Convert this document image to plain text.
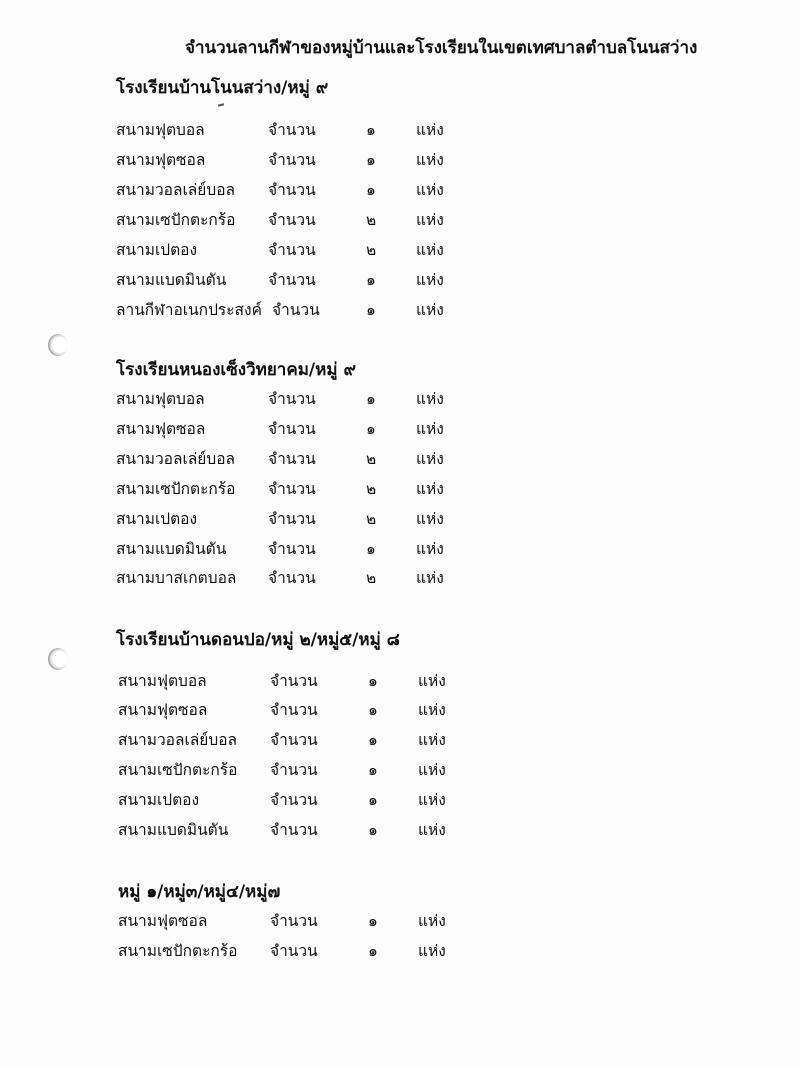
จำนวนลานกีฬาของหมู่บ้านและโรงเรียนในเขตเทศบาลตำบลโนนสว่าง
โรงเรียนบ้านโนนสว่าง/หมู่ ๙
สนามฟุตบอล	จำนวน	๑	แห่ง
สนามฟุตซอล	จำนวน	๑	แห่ง
สนามวอลเล่ย์บอล จำนวน	๑	แห่ง
สนามเซปักตะกร้อ จำนวน	๒	แห่ง
สนามเปตอง	จำนวน	๒	แห่ง
สนามแบดมินตัน	จำนวน	๑	แห่ง
ลานกีฬาอเนกประสงค์ จำนวน	๑	แห่ง
โรงเรียนหนองเซ็งวิทยาคม/หมู่ ๙
สนามฟุตบอล	จำนวน	๑	แห่ง
สนามฟุตซอล	จำนวน	๑	แห่ง
สนามวอลเล่ย์บอล จำนวน	๒	แห่ง
สนามเซปักตะกร้อ จำนวน	๒	แห่ง
สนามเปตอง	จำนวน	๒	แห่ง
สนามแบดมินตัน	จำนวน	๑	แห่ง
สนามบาสเกตบอล จำนวน	๒	แห่ง
โรงเรียนบ้านดอนปอ/หมู่ ๒/หมู่๕/หมู่ ๘
สนามฟุตบอล	จำนวน	๑	แห่ง
สนามฟุตซอล	จำนวน	๑	แห่ง
สนามวอลเล่ย์บอล จำนวน	๑	แห่ง
สนามเซปักตะกร้อ จำนวน	๑	แห่ง
สนามเปตอง	จำนวน	๑	แห่ง
สนามแบดมินตัน	จำนวน	๑	แห่ง
หมู่ ๑/หมู่๓/หมู่๔/หมู่๗
สนามฟุตซอล	จำนวน	๑	แห่ง
สนามเซปักตะกร้อ จำนวน	๑	แห่ง
